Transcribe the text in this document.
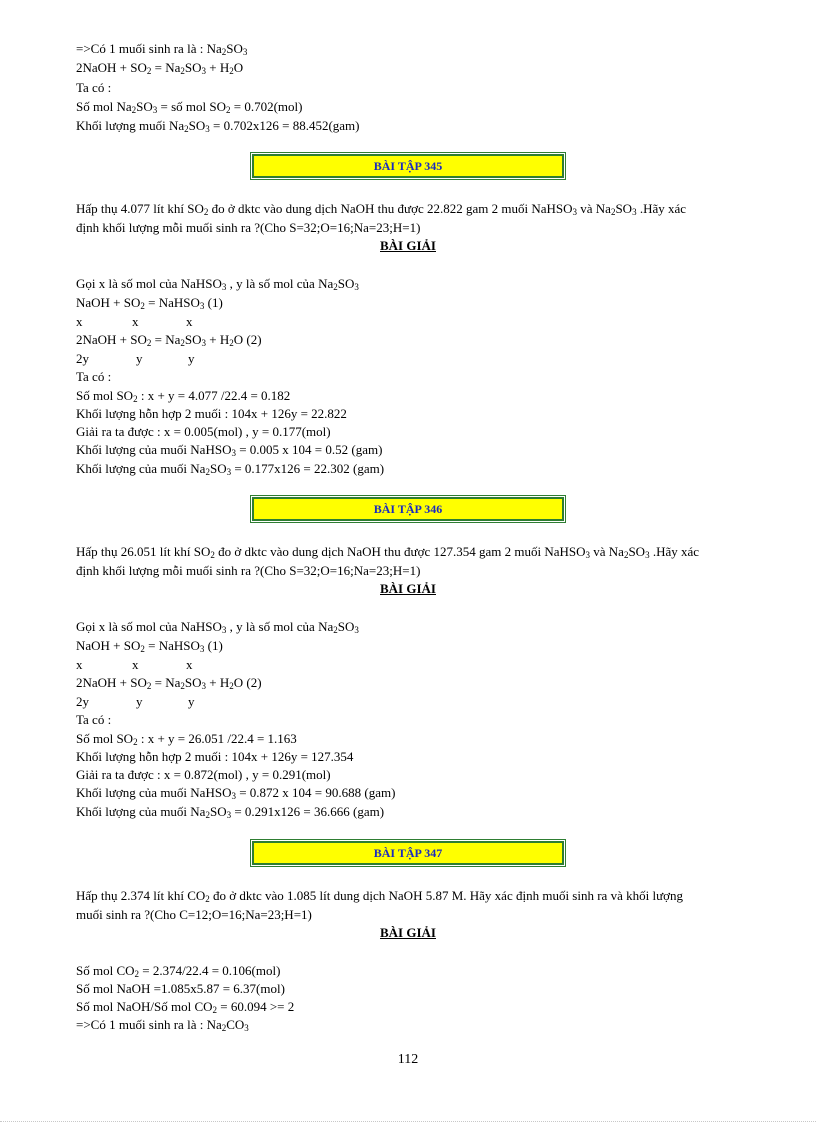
=>Có 1 muối sinh ra là : $Na_2SO_3$
2NaOH + $SO_2 = Na_2SO_3 + H_2O$
Ta có :
Số mol $Na_2SO_3$ = số mol $SO_2 = 0.702(mol)$
Khối lượng muối $Na_2SO_3 = 0.702x126 = 88.452(gam)$
BÀI TẬP 345
Hấp thụ 4.077 lít khí $SO_2$ đo ở dktc vào dung dịch NaOH thu được 22.822 gam 2 muối NaHSO$_3$ và $Na_2SO_3$ .Hãy xác
định khối lượng mỗi muối sinh ra ?(Cho S=32;O=16;Na=23;H=1)
BÀI GIẢI
Gọi x là số mol của NaHSO$_3$ , y là số mol của $Na_2SO_3$
NaOH + $SO_2$ = NaHSO$_3$ (1)
x	x	x
2NaOH + $SO_2 = Na_2SO_3 + H_2O$ (2)
2y	y	y
Ta có :
Số mol $SO_2$ : x + y = 4.077 /22.4 = 0.182
Khối lượng hỗn hợp 2 muối : 104x + 126y = 22.822
Giải ra ta được : x = 0.005(mol) , y = 0.177(mol)
Khối lượng của muối NaHSO$_3$ = 0.005 x 104 = 0.52 (gam)
Khối lượng của muối $Na_2SO_3 = 0.177x126 = 22.302$ (gam)
BÀI TẬP 346
Hấp thụ 26.051 lít khí $SO_2$ đo ở dktc vào dung dịch NaOH thu được 127.354 gam 2 muối NaHSO$_3$ và $Na_2SO_3$ .Hãy xác
định khối lượng mỗi muối sinh ra ?(Cho S=32;O=16;Na=23;H=1)
BÀI GIẢI
Gọi x là số mol của NaHSO$_3$ , y là số mol của $Na_2SO_3$
NaOH + $SO_2$ = NaHSO$_3$ (1)
x	x	x
2NaOH + $SO_2 = Na_2SO_3 + H_2O$ (2)
2y	y	y
Ta có :
Số mol $SO_2$ : x + y = 26.051 /22.4 = 1.163
Khối lượng hỗn hợp 2 muối : 104x + 126y = 127.354
Giải ra ta được : x = 0.872(mol) , y = 0.291(mol)
Khối lượng của muối NaHSO$_3$ = 0.872 x 104 = 90.688 (gam)
Khối lượng của muối $Na_2SO_3 = 0.291x126 = 36.666$ (gam)
BÀI TẬP 347
Hấp thụ 2.374 lít khí $CO_2$ đo ở dktc vào 1.085 lít dung dịch NaOH 5.87 M. Hãy xác định muối sinh ra và khối lượng
muối sinh ra ?(Cho C=12;O=16;Na=23;H=1)
BÀI GIẢI
Số mol $CO_2 = 2.374/22.4 = 0.106(mol)$
Số mol NaOH =1.085x5.87 = 6.37(mol)
Số mol NaOH/Số mol $CO_2 = 60.094 >= 2$
=>Có 1 muối sinh ra là : $Na_2CO_3$
112
